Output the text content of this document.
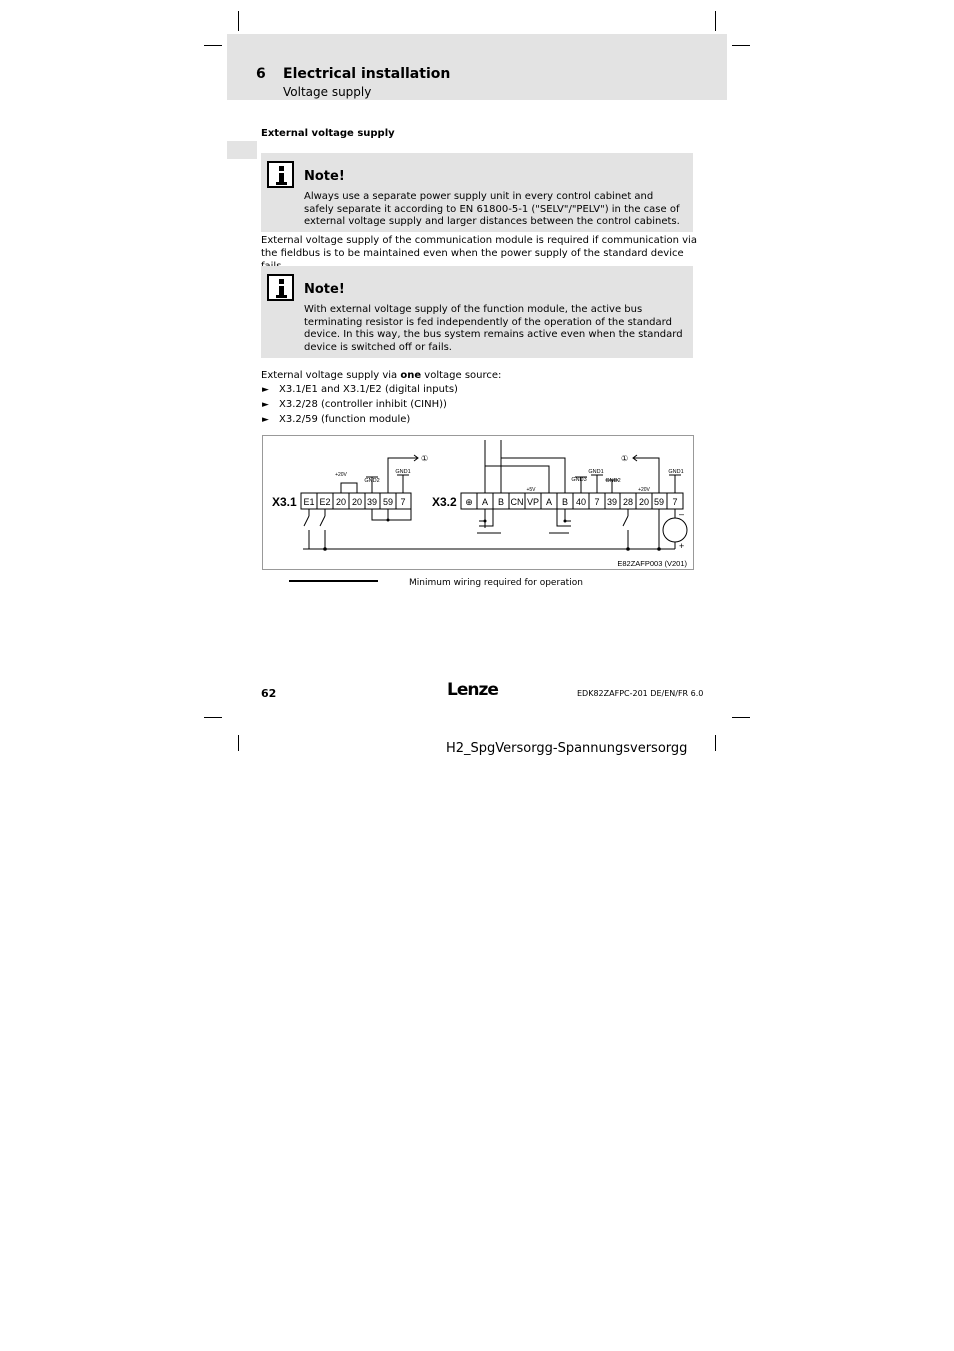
6 Electrical installation
Voltage supply
External voltage supply
Note!
Always use a separate power supply unit in every control cabinet and safely separate it according to EN 61800-5-1 ("SELV"/"PELV") in the case of external voltage supply and larger distances between the control cabinets.
External voltage supply of the communication module is required if communication via the fieldbus is to be maintained even when the power supply of the standard device
Note!
With external voltage supply of the function module, the active bus terminating resistor is fed independently of the operation of the standard device. In this way, the bus system remains active even when the standard device is switched off or fails.
External voltage supply via one voltage source:
► X3.1/E1 and X3.1/E2 (digital inputs)
► X3.2/28 (controller inhibit (CINH))
► X3.2/59 (function module)
X3.1 E1 E2 20 20 39 59 7
+20V
GND2
GND1
①
X3.2 ⊕ A B CN VP A B 40 7 39 28 20 59 7
+5V
GND3
GND1
GND2
+20V
GND1
①
–
+
E82ZAFP003 (V201)
Minimum wiring required for operation
62	Lenze	EDK82ZAFPC-201 DE/EN/FR 6.0
H2_SpgVersorgg-Spannungsversorgg
